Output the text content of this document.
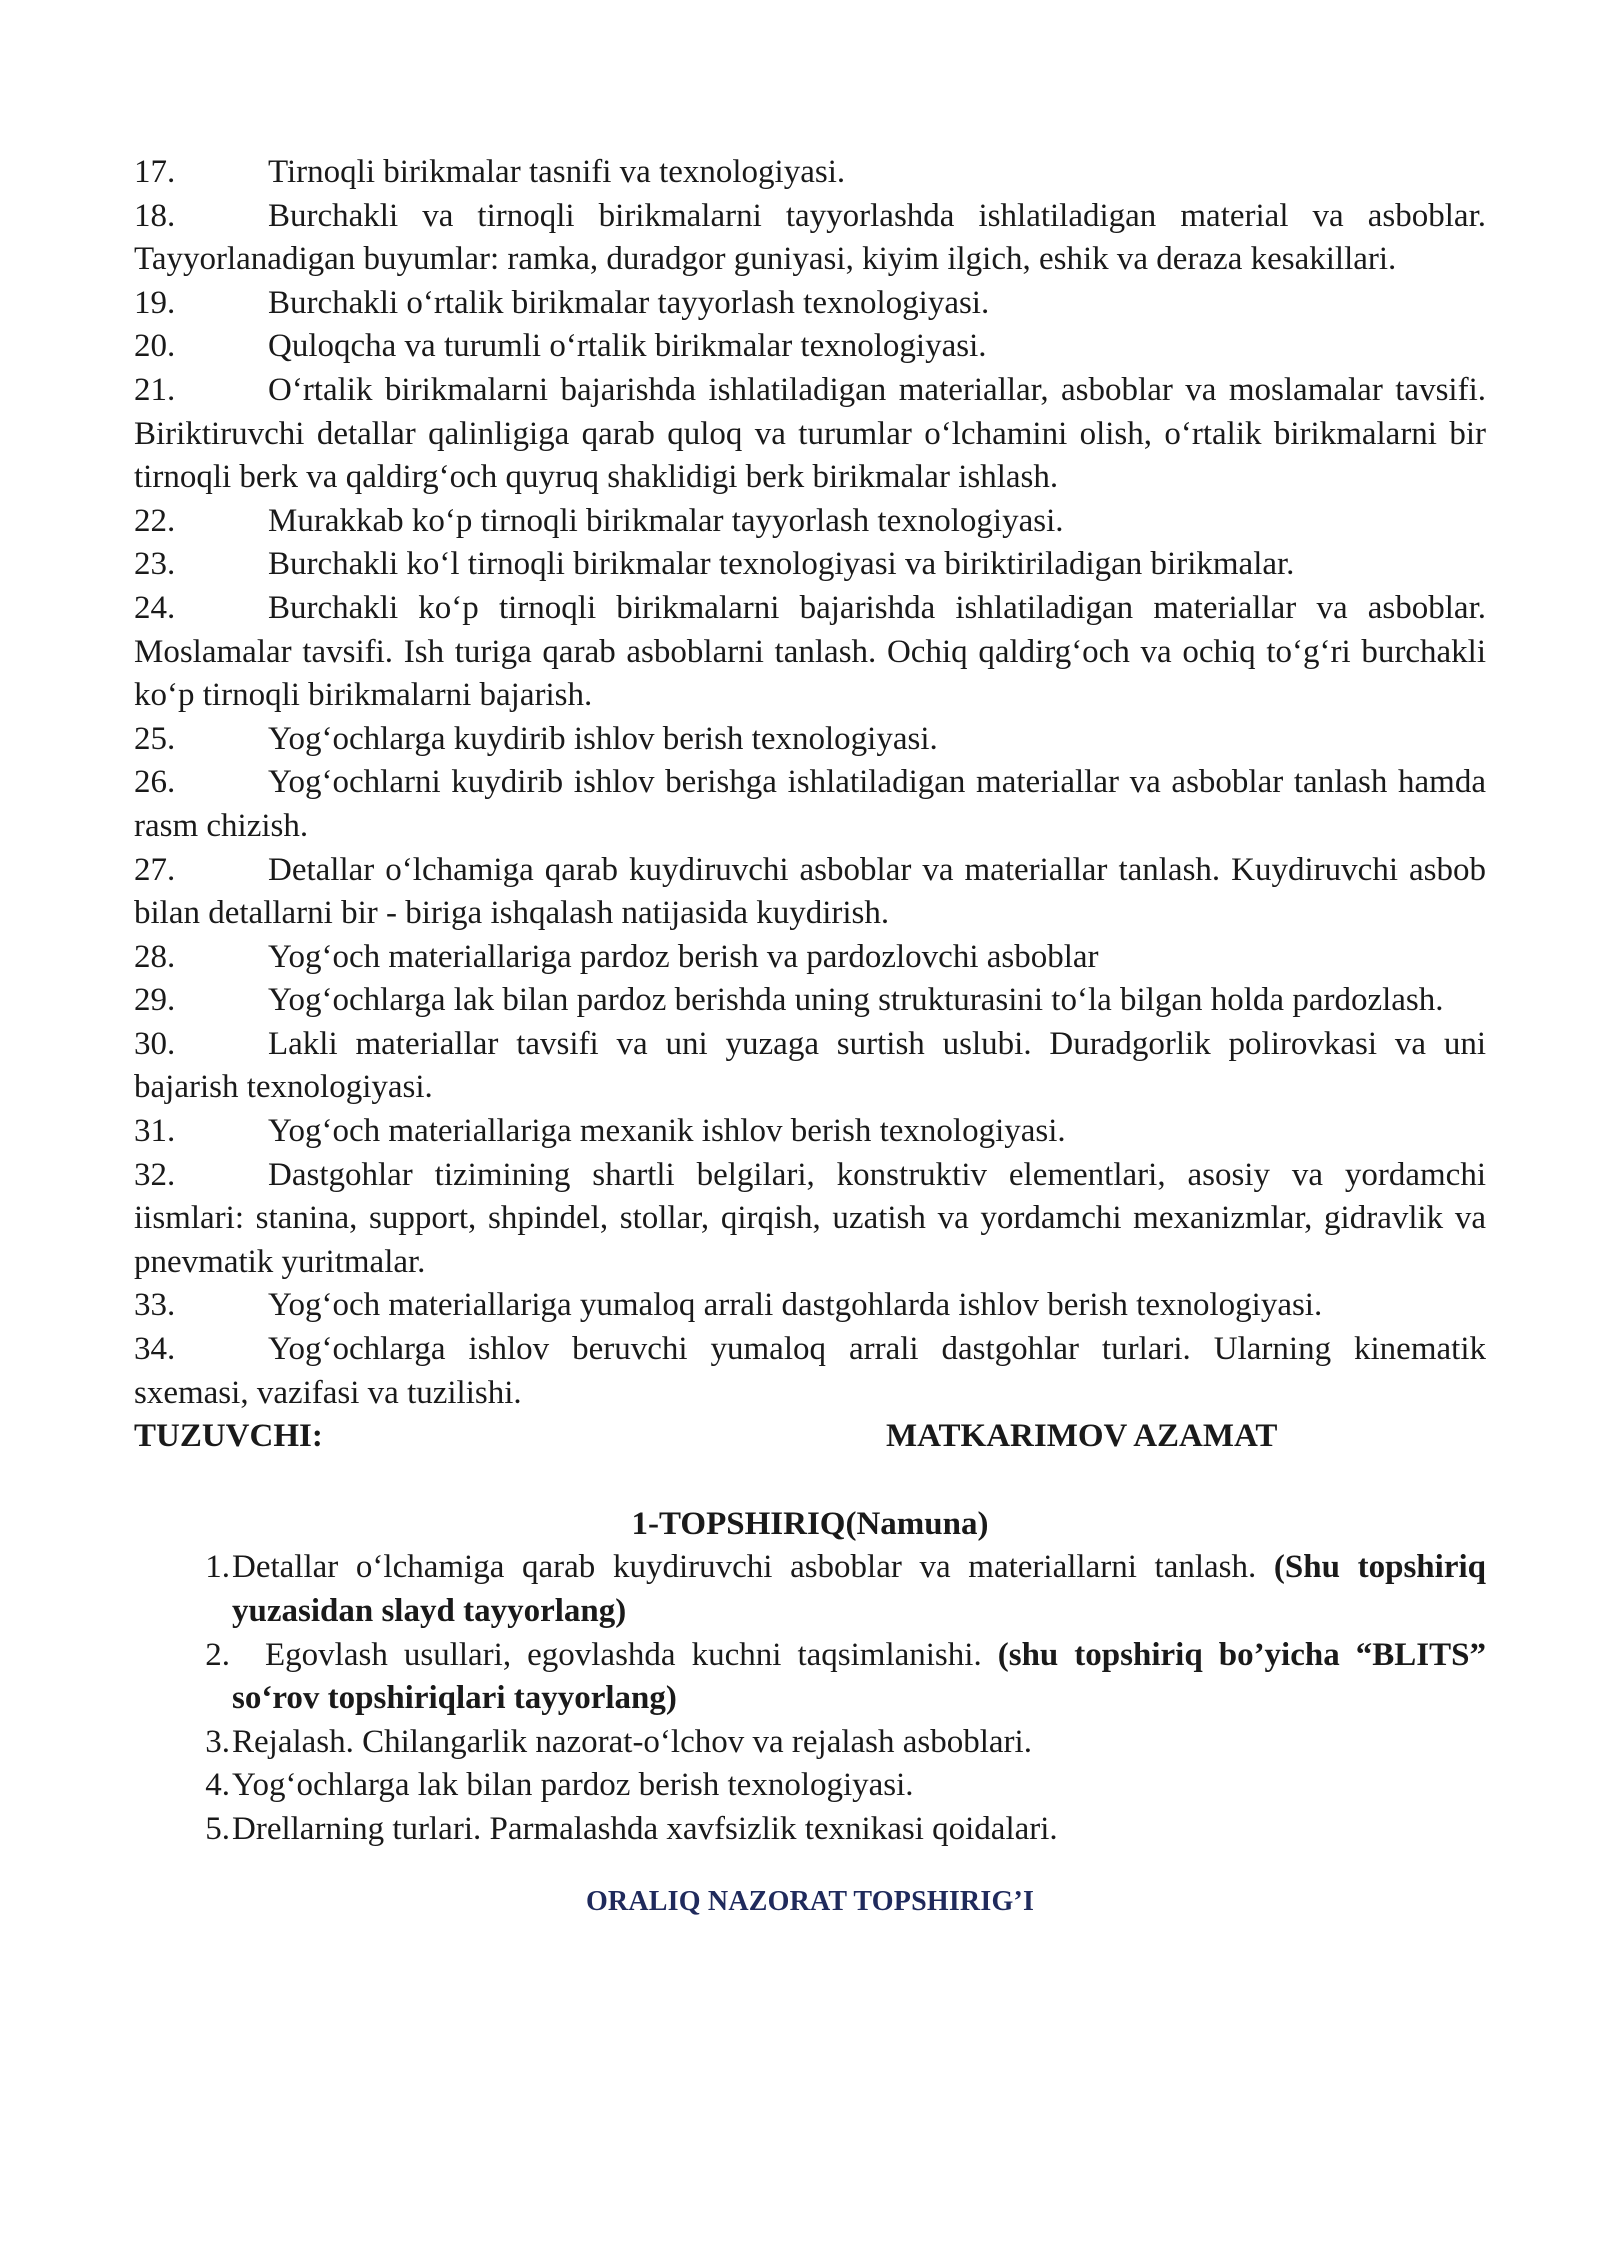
17.	Tirnoqli birikmalar tasnifi va texnologiyasi.

18.	Burchakli va tirnoqli birikmalarni tayyorlashda ishlatiladigan material va asboblar. Tayyorlanadigan buyumlar: ramka, duradgor guniyasi, kiyim ilgich, eshik va deraza kesakillari.

19.	Burchakli o‘rtalik birikmalar tayyorlash texnologiyasi.

20.	Quloqcha va turumli o‘rtalik birikmalar texnologiyasi.

21.	O‘rtalik birikmalarni bajarishda ishlatiladigan materiallar, asboblar va moslamalar tavsifi. Biriktiruvchi detallar qalinligiga qarab quloq va turumlar o‘lchamini olish, o‘rtalik birikmalarni bir tirnoqli berk va qaldirg‘och quyruq shaklidigi berk birikmalar ishlash.

22.	Murakkab ko‘p tirnoqli birikmalar tayyorlash texnologiyasi.

23.	Burchakli ko‘l tirnoqli birikmalar texnologiyasi va biriktiriladigan birikmalar.

24.	Burchakli ko‘p tirnoqli birikmalarni bajarishda ishlatiladigan materiallar va asboblar. Moslamalar tavsifi. Ish turiga qarab asboblarni tanlash. Ochiq qaldirg‘och va ochiq to‘g‘ri burchakli ko‘p tirnoqli birikmalarni bajarish.

25.	Yog‘ochlarga kuydirib ishlov berish texnologiyasi.

26.	Yog‘ochlarni kuydirib ishlov berishga ishlatiladigan materiallar va asboblar tanlash hamda rasm chizish.

27.	Detallar o‘lchamiga qarab kuydiruvchi asboblar va materiallar tanlash. Kuydiruvchi asbob bilan detallarni bir - biriga ishqalash natijasida kuydirish.

28.	Yog‘och materiallariga pardoz berish va pardozlovchi asboblar

29.	Yog‘ochlarga lak bilan pardoz berishda uning strukturasini to‘la bilgan holda pardozlash.

30.	Lakli materiallar tavsifi va uni yuzaga surtish uslubi. Duradgorlik polirovkasi va uni bajarish texnologiyasi.

31.	Yog‘och materiallariga mexanik ishlov berish texnologiyasi.

32.	Dastgohlar tizimining shartli belgilari, konstruktiv elementlari, asosiy va yordamchi iismlari: stanina, support, shpindel, stollar, qirqish, uzatish va yordamchi mexanizmlar, gidravlik va pnevmatik yuritmalar.

33.	Yog‘och materiallariga yumaloq arrali dastgohlarda ishlov berish texnologiyasi.

34.	Yog‘ochlarga ishlov beruvchi yumaloq arrali dastgohlar turlari. Ularning kinematik sxemasi, vazifasi va tuzilishi.

TUZUVCHI:	MATKARIMOV AZAMAT

1-TOPSHIRIQ(Namuna)

1. Detallar o‘lchamiga qarab kuydiruvchi asboblar va materiallarni tanlash. (Shu topshiriq yuzasidan slayd tayyorlang)
2.	Egovlash usullari, egovlashda kuchni taqsimlanishi. (shu topshiriq bo’yicha “BLITS” so‘rov topshiriqlari tayyorlang)
3. Rejalash. Chilangarlik nazorat-o‘lchov va rejalash asboblari.
4. Yog‘ochlarga lak bilan pardoz berish texnologiyasi.
5. Drellarning turlari. Parmalashda xavfsizlik texnikasi qoidalari.
ORALIQ NAZORAT TOPSHIRIG’I
